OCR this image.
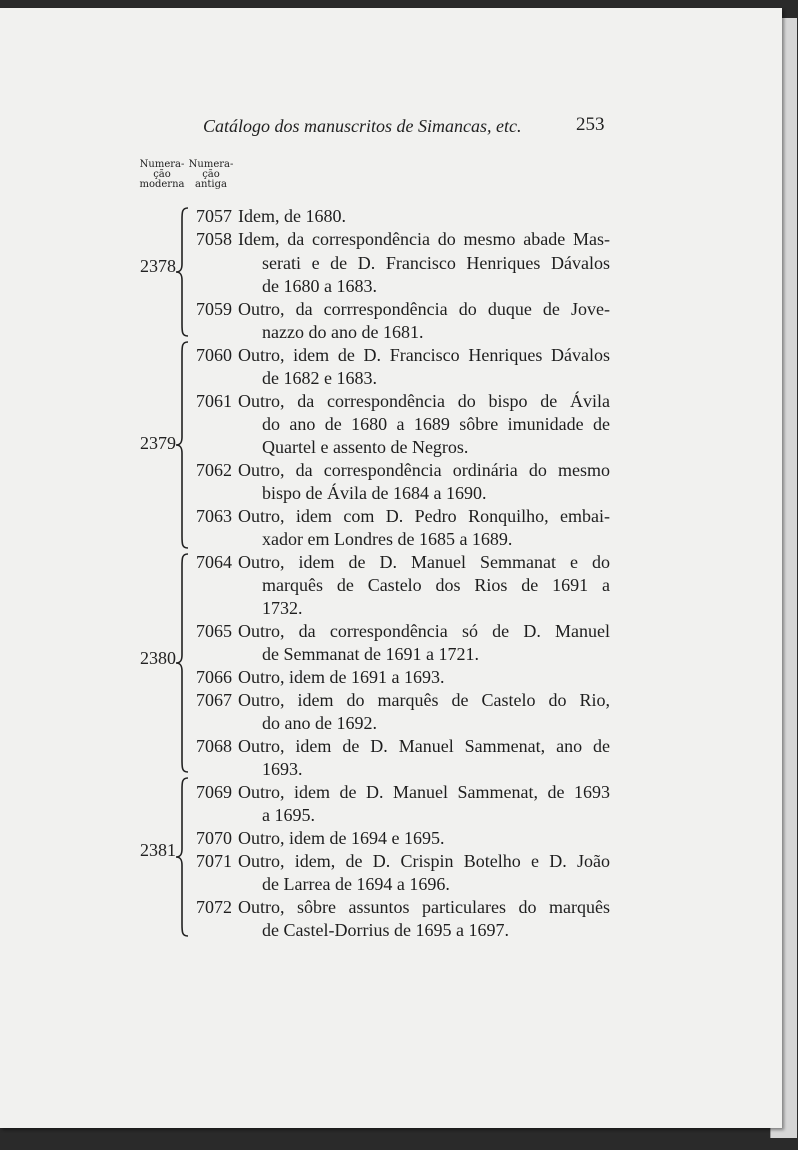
Catálogo dos manuscritos de Simancas, etc.	253
Numera-
ção
moderna
Numera-
ção
antiga
2378
2379
2380
2381
7057 Idem, de 1680.
7058 Idem, da correspondência do mesmo abade Mas-
serati e de D. Francisco Henriques Dávalos
de 1680 a 1683.
7059 Outro, da corrrespondência do duque de Jove-
nazzo do ano de 1681.
7060 Outro, idem de D. Francisco Henriques Dávalos
de 1682 e 1683.
7061 Outro, da correspondência do bispo de Ávila
do ano de 1680 a 1689 sôbre imunidade de
Quartel e assento de Negros.
7062 Outro, da correspondência ordinária do mesmo
bispo de Ávila de 1684 a 1690.
7063 Outro, idem com D. Pedro Ronquilho, embai-
xador em Londres de 1685 a 1689.
7064 Outro, idem de D. Manuel Semmanat e do
marquês de Castelo dos Rios de 1691 a
1732.
7065 Outro, da correspondência só de D. Manuel
de Semmanat de 1691 a 1721.
7066 Outro, idem de 1691 a 1693.
7067 Outro, idem do marquês de Castelo do Rio,
do ano de 1692.
7068 Outro, idem de D. Manuel Sammenat, ano de
1693.
7069 Outro, idem de D. Manuel Sammenat, de 1693
a 1695.
7070 Outro, idem de 1694 e 1695.
7071 Outro, idem, de D. Crispin Botelho e D. João
de Larrea de 1694 a 1696.
7072 Outro, sôbre assuntos particulares do marquês
de Castel-Dorrius de 1695 a 1697.
